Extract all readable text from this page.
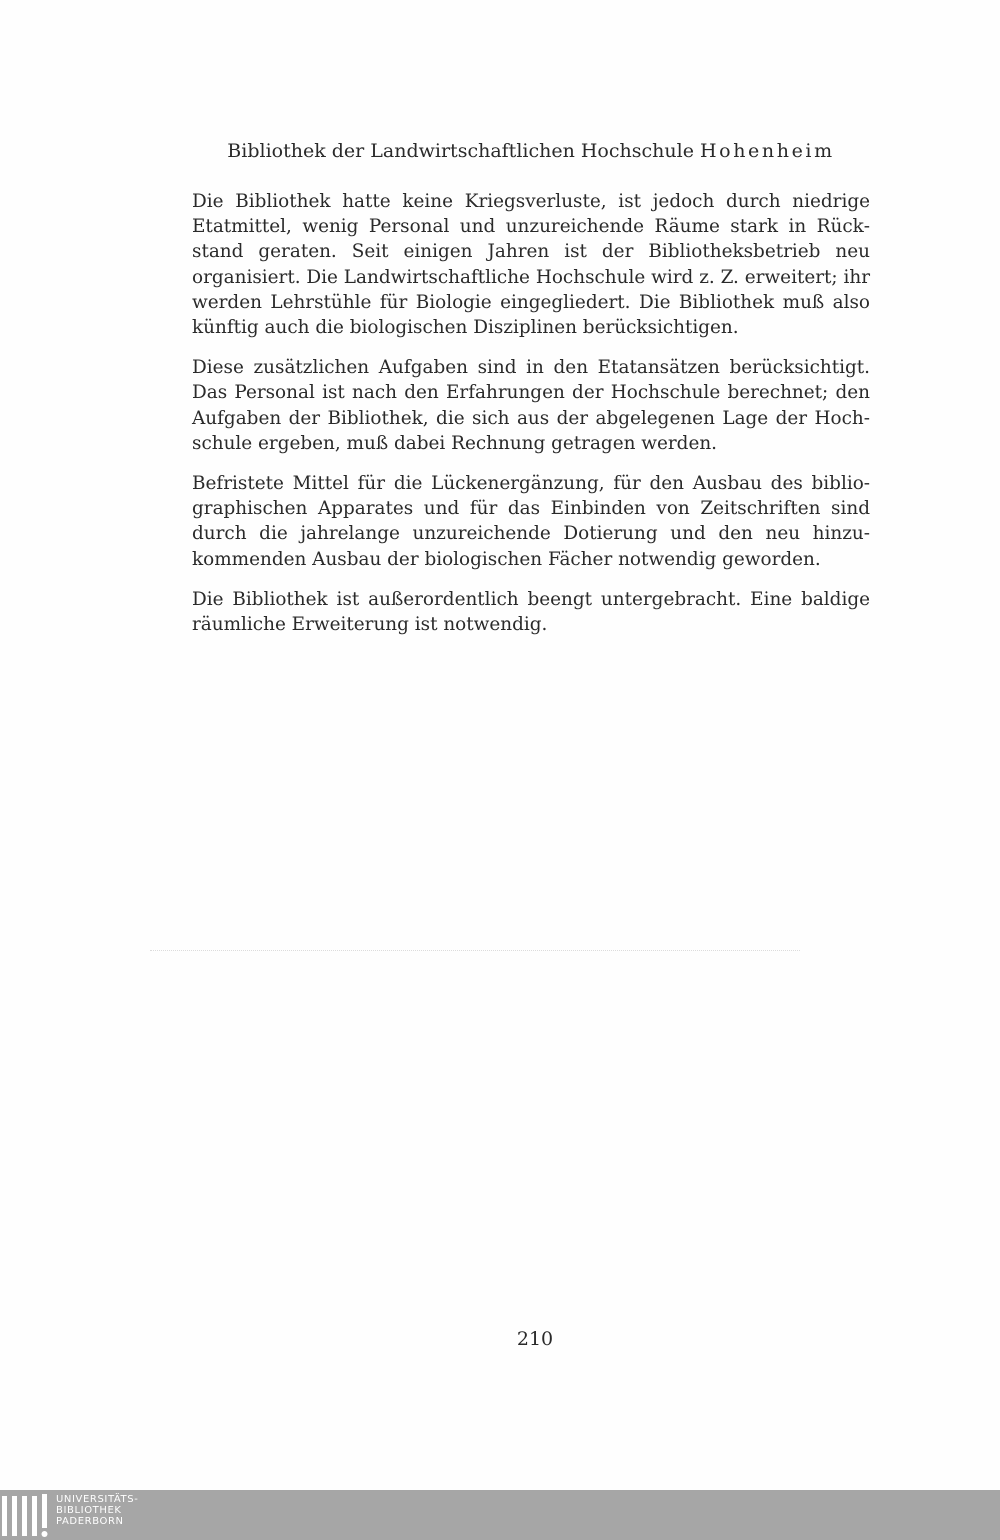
Bibliothek der Landwirtschaftlichen Hochschule Hohenheim

Die Bibliothek hatte keine Kriegsverluste, ist jedoch durch niedrige Etatmittel, wenig Personal und unzureichende Räume stark in Rückstand geraten. Seit einigen Jahren ist der Bibliotheksbetrieb neu organisiert. Die Landwirtschaftliche Hochschule wird z. Z. erweitert; ihr werden Lehrstühle für Biologie eingegliedert. Die Bibliothek muß also künftig auch die biologischen Disziplinen berücksichtigen.

Diese zusätzlichen Aufgaben sind in den Etatansätzen berücksichtigt. Das Personal ist nach den Erfahrungen der Hochschule berechnet; den Aufgaben der Bibliothek, die sich aus der abgelegenen Lage der Hochschule ergeben, muß dabei Rechnung getragen werden.

Befristete Mittel für die Lückenergänzung, für den Ausbau des bibliographischen Apparates und für das Einbinden von Zeitschriften sind durch die jahrelange unzureichende Dotierung und den neu hinzukommenden Ausbau der biologischen Fächer notwendig geworden.

Die Bibliothek ist außerordentlich beengt untergebracht. Eine baldige räumliche Erweiterung ist notwendig.

210
UNIVERSITÄTS-
BIBLIOTHEK
PADERBORN
